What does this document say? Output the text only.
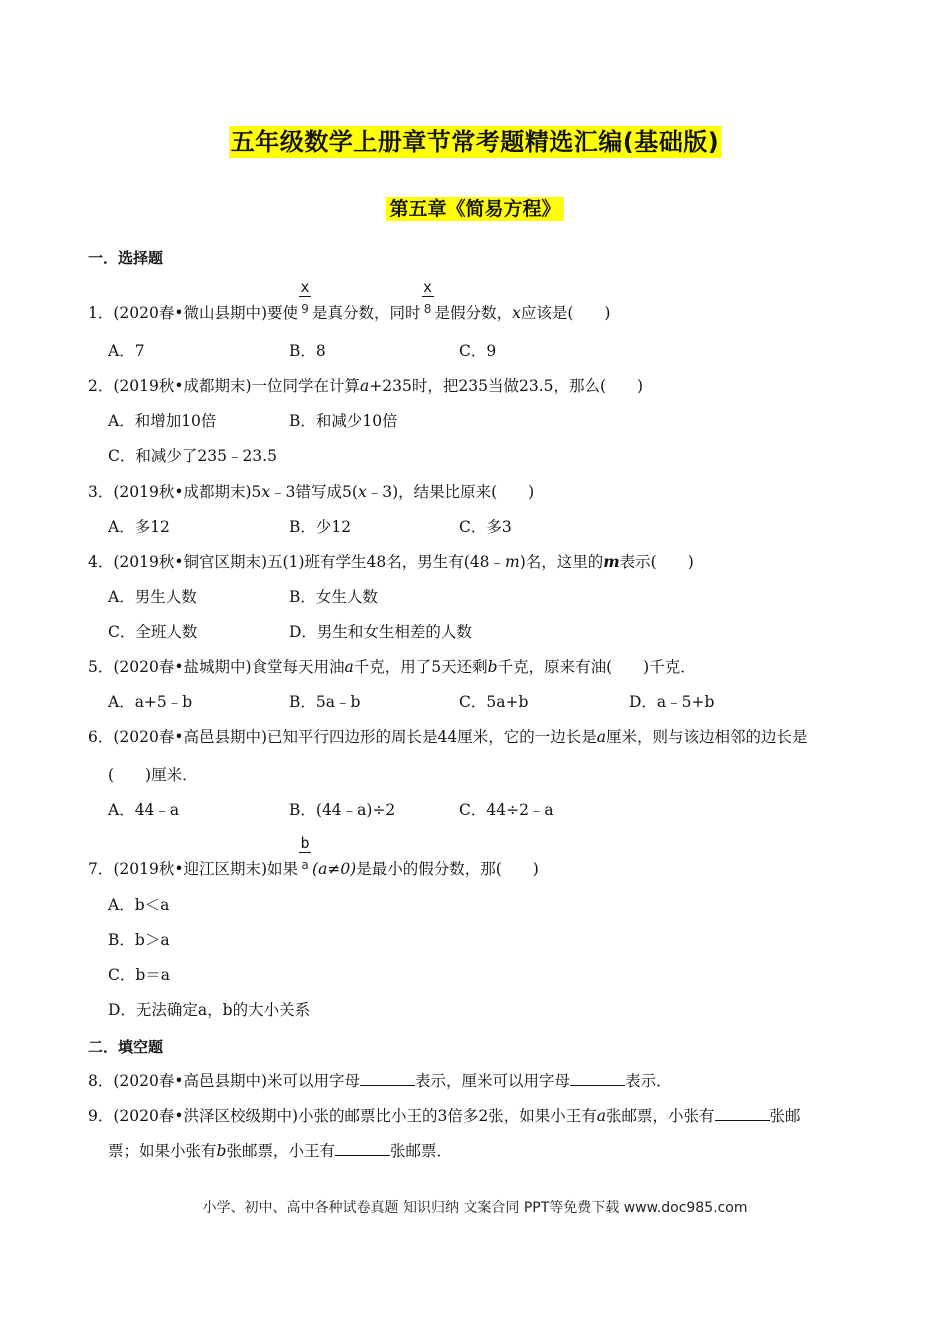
五年级数学上册章节常考题精选汇编(基础版)
第五章《简易方程》
一．选择题
1．(2020春•微山县期中)要使 $\frac{x}{9}$ 是真分数，同时 $\frac{x}{8}$ 是假分数，x应该是(　　)
A．7	B．8	C．9
2．(2019秋•成都期末)一位同学在计算a+235时，把235当做23.5，那么(　　)
A．和增加10倍	B．和减少10倍
C．和减少了235﹣23.5
3．(2019秋•成都期末)5x﹣3错写成5(x﹣3)，结果比原来(　　)
A．多12	B．少12	C．多3
4．(2019秋•铜官区期末)五(1)班有学生48名，男生有(48﹣m)名，这里的m表示(　　)
A．男生人数	B．女生人数
C．全班人数	D．男生和女生相差的人数
5．(2020春•盐城期中)食堂每天用油a千克，用了5天还剩b千克，原来有油(　　)千克．
A．a+5﹣b	B．5a﹣b	C．5a+b	D．a﹣5+b
6．(2020春•高邑县期中)已知平行四边形的周长是44厘米，它的一边长是a厘米，则与该边相邻的边长是
(　　)厘米．
A．44﹣a	B．(44﹣a)÷2	C．44÷2﹣a
7．(2019秋•迎江区期末)如果 $\frac{b}{a} (a\ne 0)$是最小的假分数，那(　　)
A．b＜a
B．b＞a
C．b＝a
D．无法确定a，b的大小关系
二．填空题
8．(2020春•高邑县期中)米可以用字母	表示，厘米可以用字母	表示．
9．(2020春•洪泽区校级期中)小张的邮票比小王的3倍多2张，如果小王有a张邮票，小张有	张邮
票；如果小张有b张邮票，小王有	张邮票．
小学、初中、高中各种试卷真题 知识归纳 文案合同 PPT等免费下载 www.doc985.com
